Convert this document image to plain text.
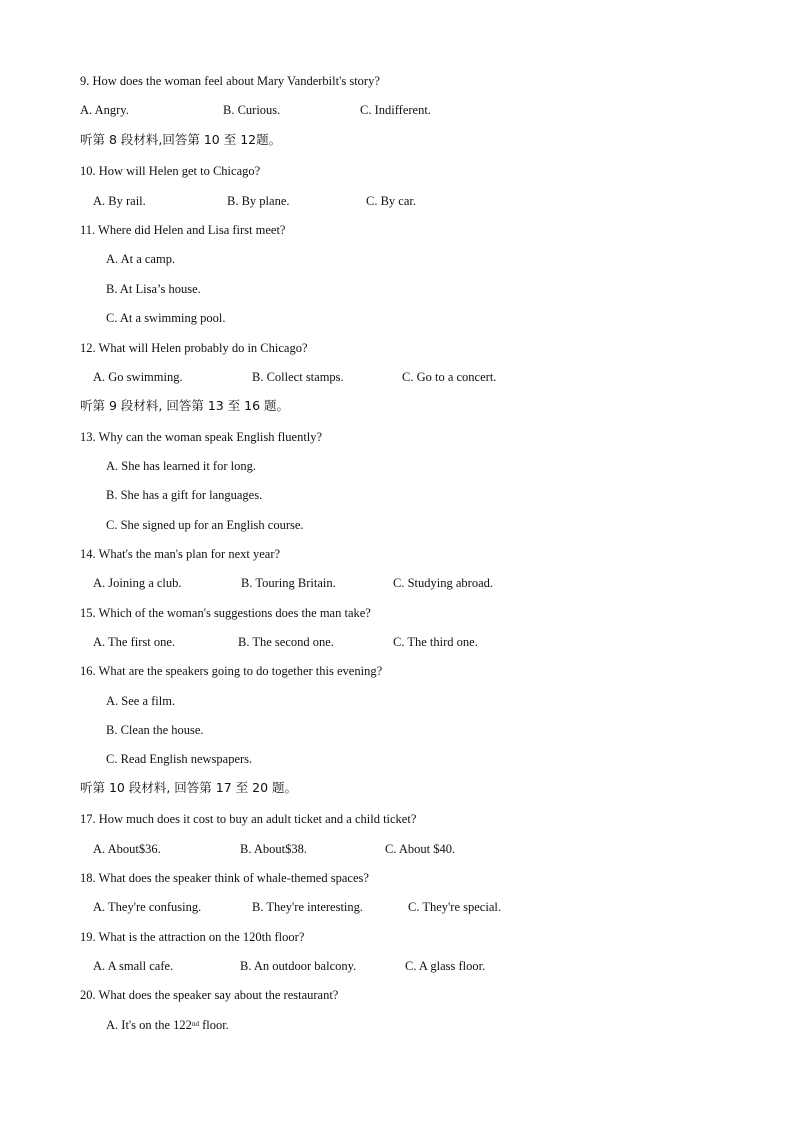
9. How does the woman feel about Mary Vanderbilt's story?
A. Angry.	B. Curious.	C. Indifferent.
听第 8 段材料,回答第 10 至 12题。
10. How will Helen get to Chicago?
A. By rail.	B. By plane.	C. By car.
11. Where did Helen and Lisa first meet?
A. At a camp.
B. At Lisa’s house.
C. At a swimming pool.
12. What will Helen probably do in Chicago?
A. Go swimming.	B. Collect stamps.	C. Go to a concert.
听第 9 段材料, 回答第 13 至 16 题。
13. Why can the woman speak English fluently?
A. She has learned it for long.
B. She has a gift for languages.
C. She signed up for an English course.
14. What's the man's plan for next year?
A. Joining a club.	B. Touring Britain.	C. Studying abroad.
15. Which of the woman's suggestions does the man take?
A. The first one.	B. The second one.	C. The third one.
16. What are the speakers going to do together this evening?
A. See a film.
B. Clean the house.
C. Read English newspapers.
听第 10 段材料, 回答第 17 至 20 题。
17. How much does it cost to buy an adult ticket and a child ticket?
A. About$36.	B. About$38.	C. About $40.
18. What does the speaker think of whale-themed spaces?
A. They're confusing.	B. They're interesting.	C. They're special.
19. What is the attraction on the 120th floor?
A. A small cafe.	B. An outdoor balcony.	C. A glass floor.
20. What does the speaker say about the restaurant?
A. It's on the 122nd floor.
